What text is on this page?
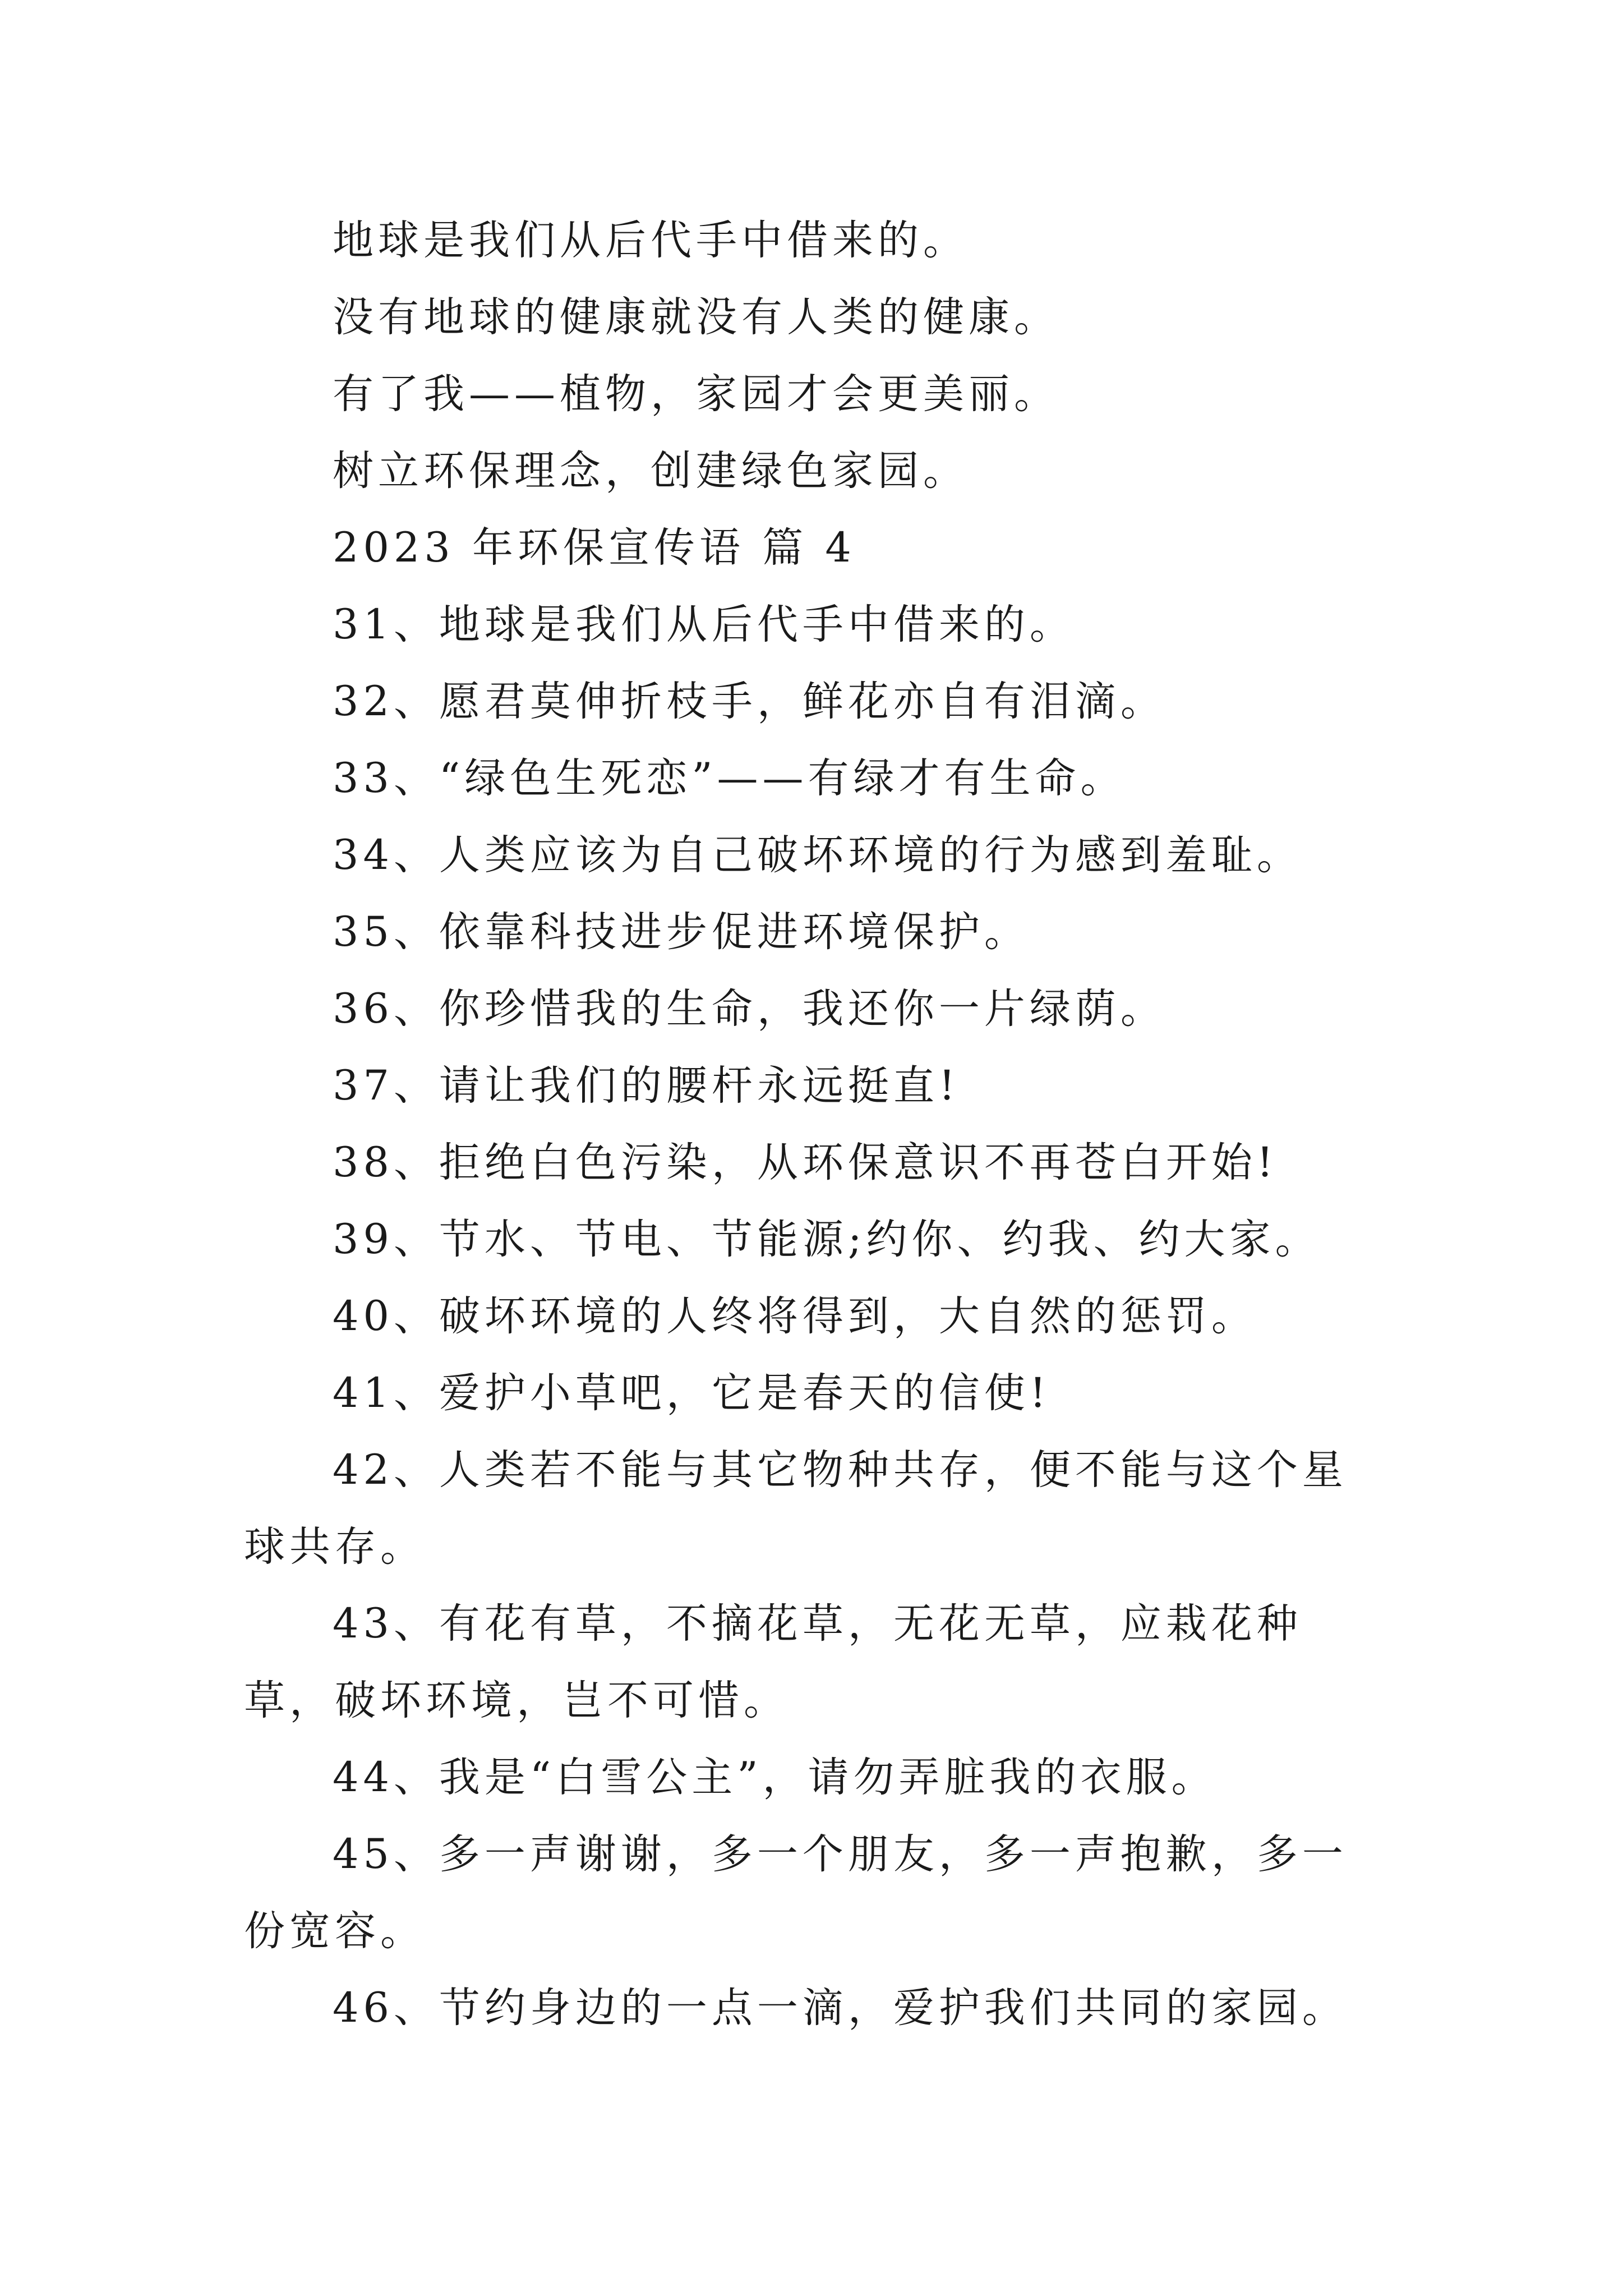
地球是我们从后代手中借来的。

没有地球的健康就没有人类的健康。

有了我——植物，家园才会更美丽。

树立环保理念，创建绿色家园。

2023 年环保宣传语 篇 4

31、地球是我们从后代手中借来的。

32、愿君莫伸折枝手，鲜花亦自有泪滴。

33、“绿色生死恋”——有绿才有生命。

34、人类应该为自己破坏环境的行为感到羞耻。

35、依靠科技进步促进环境保护。

36、你珍惜我的生命，我还你一片绿荫。

37、请让我们的腰杆永远挺直!

38、拒绝白色污染，从环保意识不再苍白开始!

39、节水、节电、节能源;约你、约我、约大家。

40、破坏环境的人终将得到，大自然的惩罚。

41、爱护小草吧，它是春天的信使!

42、人类若不能与其它物种共存，便不能与这个星球共存。

43、有花有草，不摘花草，无花无草，应栽花种草，破坏环境，岂不可惜。

44、我是“白雪公主”，请勿弄脏我的衣服。

45、多一声谢谢，多一个朋友，多一声抱歉，多一份宽容。

46、节约身边的一点一滴，爱护我们共同的家园。
